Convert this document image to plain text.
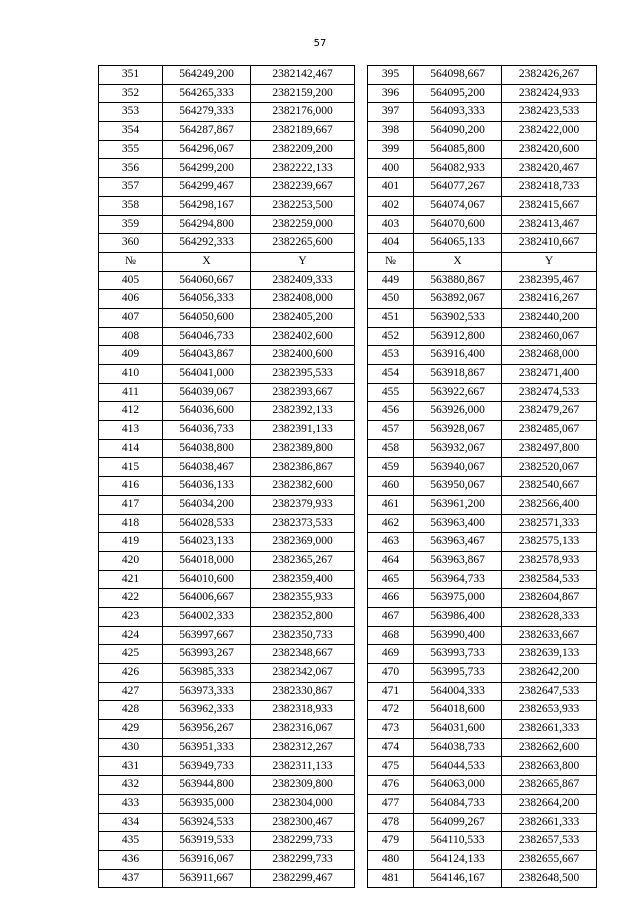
57
351	564249,200	2382142,467		395	564098,667	2382426,267
352	564265,333	2382159,200		396	564095,200	2382424,933
353	564279,333	2382176,000		397	564093,333	2382423,533
354	564287,867	2382189,667		398	564090,200	2382422,000
355	564296,067	2382209,200		399	564085,800	2382420,600
356	564299,200	2382222,133		400	564082,933	2382420,467
357	564299,467	2382239,667		401	564077,267	2382418,733
358	564298,167	2382253,500		402	564074,067	2382415,667
359	564294,800	2382259,000		403	564070,600	2382413,467
360	564292,333	2382265,600		404	564065,133	2382410,667
№	X	Y		№	X	Y
405	564060,667	2382409,333		449	563880,867	2382395,467
406	564056,333	2382408,000		450	563892,067	2382416,267
407	564050,600	2382405,200		451	563902,533	2382440,200
408	564046,733	2382402,600		452	563912,800	2382460,067
409	564043,867	2382400,600		453	563916,400	2382468,000
410	564041,000	2382395,533		454	563918,867	2382471,400
411	564039,067	2382393,667		455	563922,667	2382474,533
412	564036,600	2382392,133		456	563926,000	2382479,267
413	564036,733	2382391,133		457	563928,067	2382485,067
414	564038,800	2382389,800		458	563932,067	2382497,800
415	564038,467	2382386,867		459	563940,067	2382520,067
416	564036,133	2382382,600		460	563950,067	2382540,667
417	564034,200	2382379,933		461	563961,200	2382566,400
418	564028,533	2382373,533		462	563963,400	2382571,333
419	564023,133	2382369,000		463	563963,467	2382575,133
420	564018,000	2382365,267		464	563963,867	2382578,933
421	564010,600	2382359,400		465	563964,733	2382584,533
422	564006,667	2382355,933		466	563975,000	2382604,867
423	564002,333	2382352,800		467	563986,400	2382628,333
424	563997,667	2382350,733		468	563990,400	2382633,667
425	563993,267	2382348,667		469	563993,733	2382639,133
426	563985,333	2382342,067		470	563995,733	2382642,200
427	563973,333	2382330,867		471	564004,333	2382647,533
428	563962,333	2382318,933		472	564018,600	2382653,933
429	563956,267	2382316,067		473	564031,600	2382661,333
430	563951,333	2382312,267		474	564038,733	2382662,600
431	563949,733	2382311,133		475	564044,533	2382663,800
432	563944,800	2382309,800		476	564063,000	2382665,867
433	563935,000	2382304,000		477	564084,733	2382664,200
434	563924,533	2382300,467		478	564099,267	2382661,333
435	563919,533	2382299,733		479	564110,533	2382657,533
436	563916,067	2382299,733		480	564124,133	2382655,667
437	563911,667	2382299,467		481	564146,167	2382648,500
